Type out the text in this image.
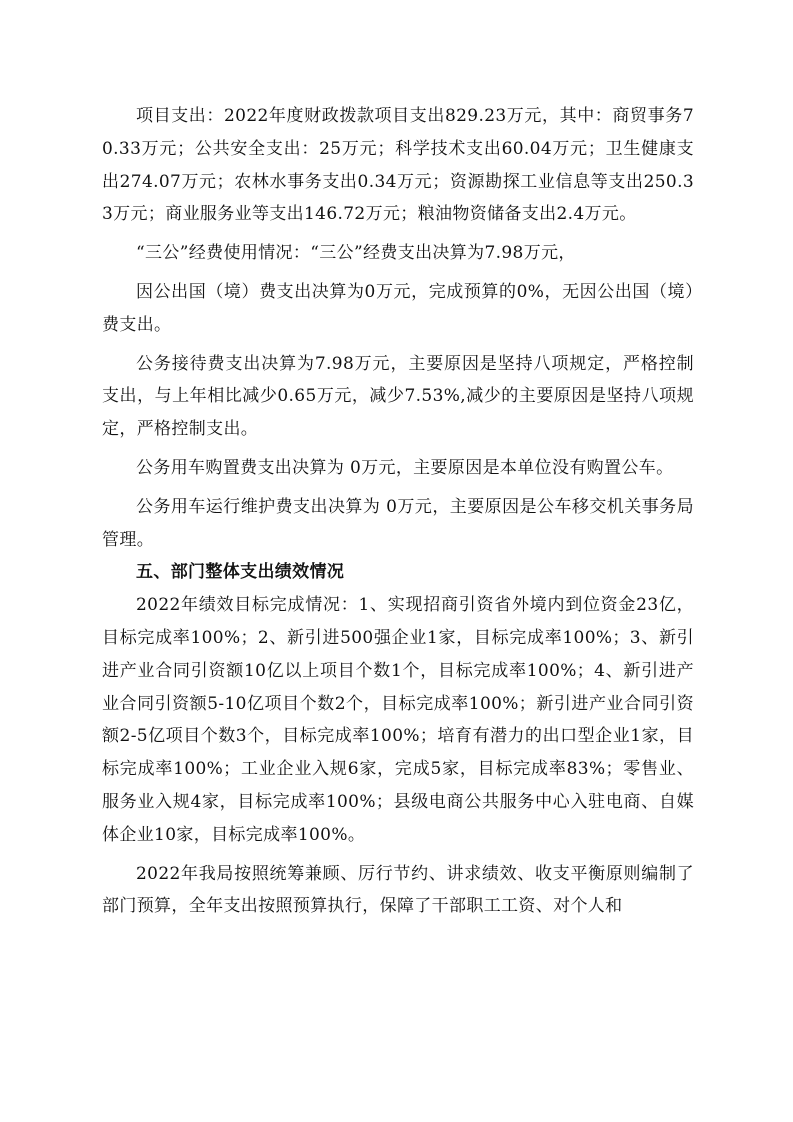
项目支出：2022年度财政拨款项目支出829.23万元，其中：商贸事务70.33万元；公共安全支出：25万元；科学技术支出60.04万元；卫生健康支出274.07万元；农林水事务支出0.34万元；资源勘探工业信息等支出250.33万元；商业服务业等支出146.72万元；粮油物资储备支出2.4万元。

“三公”经费使用情况：“三公”经费支出决算为7.98万元，

因公出国（境）费支出决算为0万元，完成预算的0%，无因公出国（境）费支出。

公务接待费支出决算为7.98万元，主要原因是坚持八项规定，严格控制支出，与上年相比减少0.65万元，减少7.53%,减少的主要原因是坚持八项规定，严格控制支出。

公务用车购置费支出决算为 0万元，主要原因是本单位没有购置公车。

公务用车运行维护费支出决算为 0万元，主要原因是公车移交机关事务局管理。

五、部门整体支出绩效情况

2022年绩效目标完成情况：1、实现招商引资省外境内到位资金23亿，目标完成率100%；2、新引进500强企业1家，目标完成率100%；3、新引进产业合同引资额10亿以上项目个数1个，目标完成率100%；4、新引进产业合同引资额5-10亿项目个数2个，目标完成率100%；新引进产业合同引资额2-5亿项目个数3个，目标完成率100%；培育有潜力的出口型企业1家，目标完成率100%；工业企业入规6家，完成5家，目标完成率83%；零售业、服务业入规4家，目标完成率100%；县级电商公共服务中心入驻电商、自媒体企业10家，目标完成率100%。

2022年我局按照统筹兼顾、厉行节约、讲求绩效、收支平衡原则编制了部门预算，全年支出按照预算执行，保障了干部职工工资、对个人和
